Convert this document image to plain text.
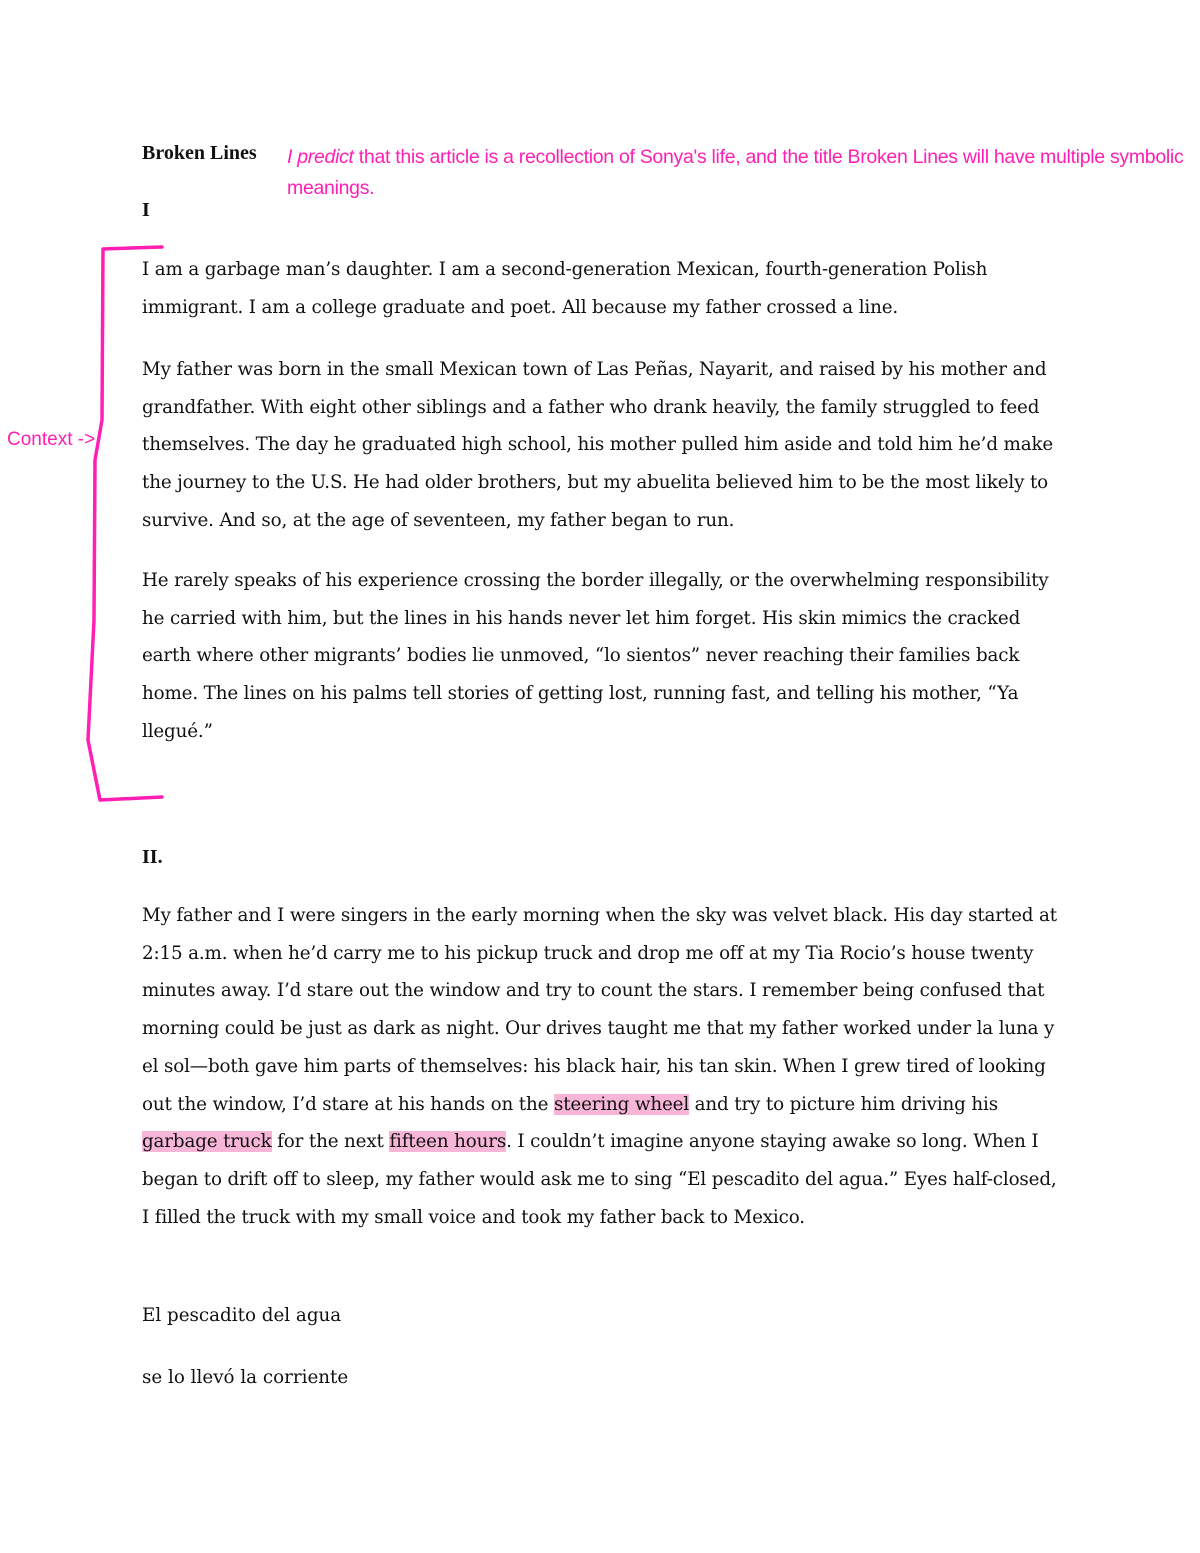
Broken Lines I predict that this article is a recollection of Sonya's life, and the title Broken Lines will have multiple symbolic meanings.
I
Context ->

I am a garbage man’s daughter. I am a second-generation Mexican, fourth-generation Polish immigrant. I am a college graduate and poet. All because my father crossed a line.

My father was born in the small Mexican town of Las Peñas, Nayarit, and raised by his mother and grandfather. With eight other siblings and a father who drank heavily, the family struggled to feed themselves. The day he graduated high school, his mother pulled him aside and told him he’d make the journey to the U.S. He had older brothers, but my abuelita believed him to be the most likely to survive. And so, at the age of seventeen, my father began to run.

He rarely speaks of his experience crossing the border illegally, or the overwhelming responsibility he carried with him, but the lines in his hands never let him forget. His skin mimics the cracked earth where other migrants’ bodies lie unmoved, “lo sientos” never reaching their families back home. The lines on his palms tell stories of getting lost, running fast, and telling his mother, “Ya llegué.”

II.

My father and I were singers in the early morning when the sky was velvet black. His day started at 2:15 a.m. when he’d carry me to his pickup truck and drop me off at my Tia Rocio’s house twenty minutes away. I’d stare out the window and try to count the stars. I remember being confused that morning could be just as dark as night. Our drives taught me that my father worked under la luna y el sol—both gave him parts of themselves: his black hair, his tan skin. When I grew tired of looking out the window, I’d stare at his hands on the steering wheel and try to picture him driving his garbage truck for the next fifteen hours. I couldn’t imagine anyone staying awake so long. When I began to drift off to sleep, my father would ask me to sing “El pescadito del agua.” Eyes half-closed, I filled the truck with my small voice and took my father back to Mexico.

El pescadito del agua
se lo llevó la corriente
